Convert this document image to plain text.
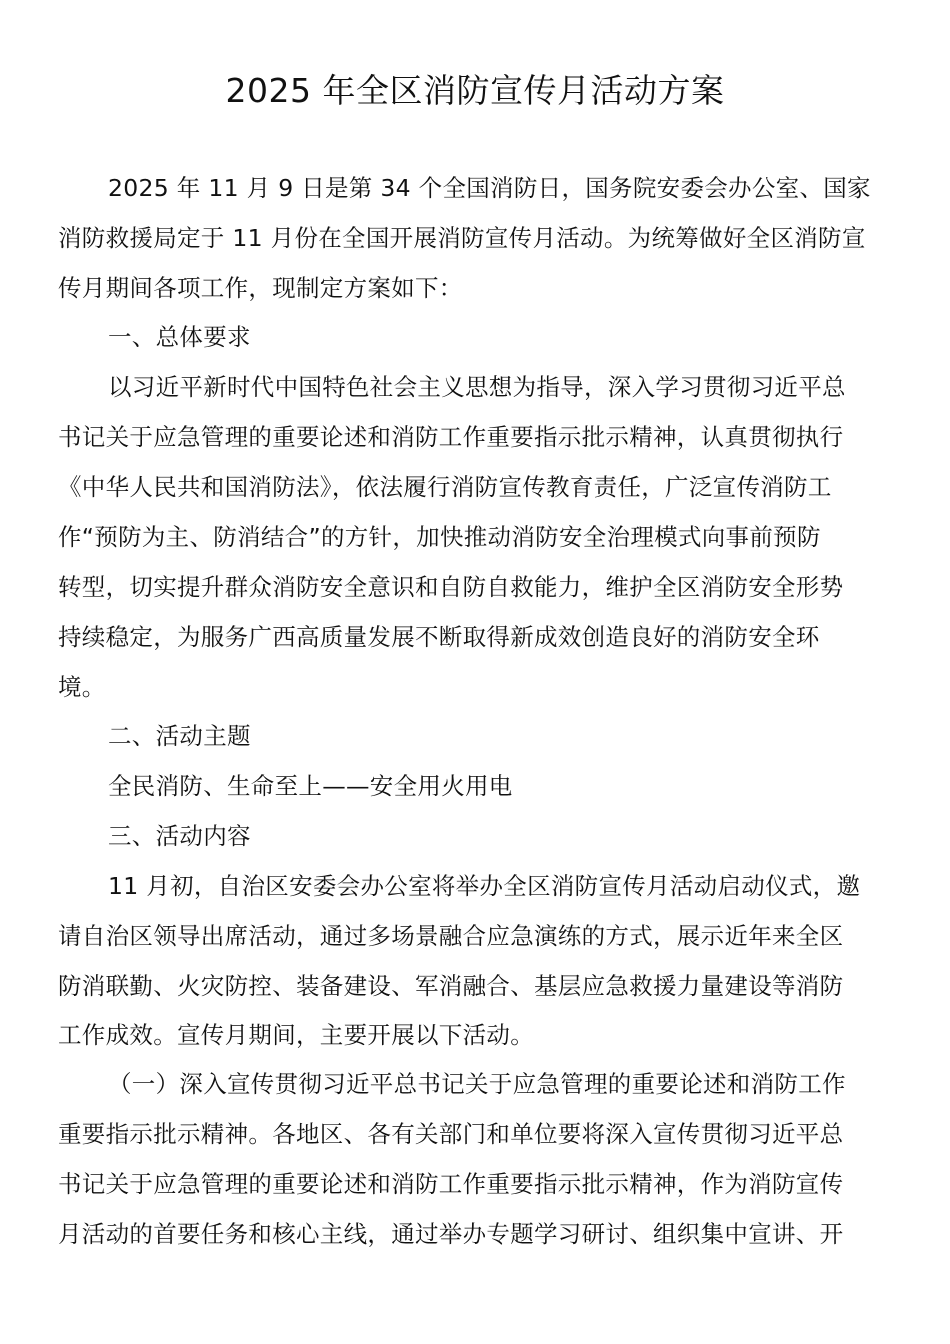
2025 年全区消防宣传月活动方案
2025 年 11 月 9 日是第 34 个全国消防日，国务院安委会办公室、国家
消防救援局定于 11 月份在全国开展消防宣传月活动。为统筹做好全区消防宣
传月期间各项工作，现制定方案如下：
一、总体要求
以习近平新时代中国特色社会主义思想为指导，深入学习贯彻习近平总
书记关于应急管理的重要论述和消防工作重要指示批示精神，认真贯彻执行
《中华人民共和国消防法》，依法履行消防宣传教育责任，广泛宣传消防工
作“预防为主、防消结合”的方针，加快推动消防安全治理模式向事前预防
转型，切实提升群众消防安全意识和自防自救能力，维护全区消防安全形势
持续稳定，为服务广西高质量发展不断取得新成效创造良好的消防安全环
境。
二、活动主题
全民消防、生命至上——安全用火用电
三、活动内容
11 月初，自治区安委会办公室将举办全区消防宣传月活动启动仪式，邀
请自治区领导出席活动，通过多场景融合应急演练的方式，展示近年来全区
防消联勤、火灾防控、装备建设、军消融合、基层应急救援力量建设等消防
工作成效。宣传月期间，主要开展以下活动。
（一）深入宣传贯彻习近平总书记关于应急管理的重要论述和消防工作
重要指示批示精神。各地区、各有关部门和单位要将深入宣传贯彻习近平总
书记关于应急管理的重要论述和消防工作重要指示批示精神，作为消防宣传
月活动的首要任务和核心主线，通过举办专题学习研讨、组织集中宣讲、开
